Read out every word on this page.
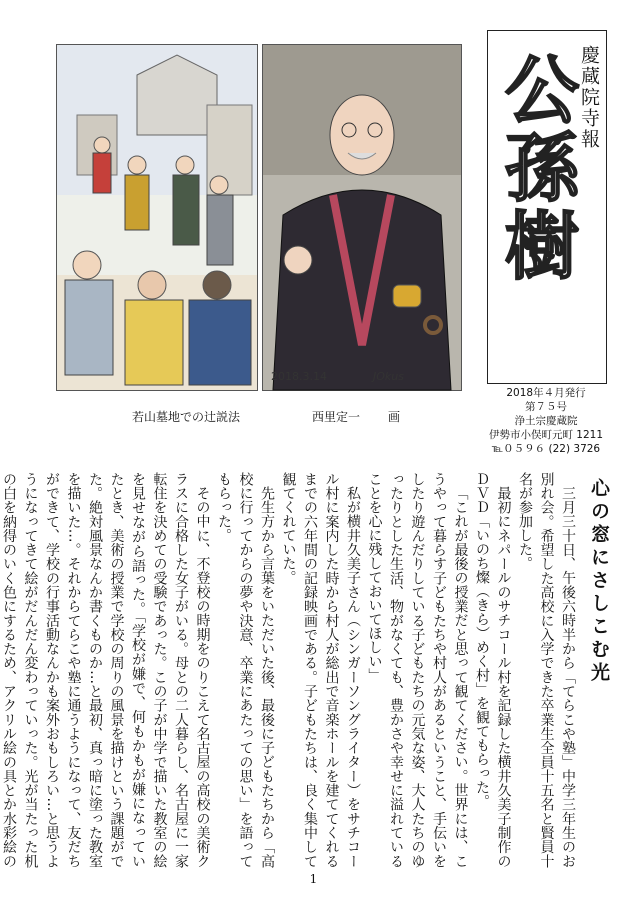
2018.3.14	JOkus
若山墓地での辻説法	西里定一 画
慶蔵院寺報
公孫樹
2018年４月発行
第７５号
浄土宗慶蔵院
伊勢市小俣町元町 1211
℡０５９６ (22) 3726
心の窓にさしこむ光

三月三十日、午後六時半から「てらこや塾」中学三年生のお別れ会。希望した高校に入学できた卒業生全員十五名と賢員十名が参加した。

最初にネパールのサチコール村を記録した横井久美子制作のＤＶＤ「いのち燦（きら）めく村」を観てもらった。

「これが最後の授業だと思って観てください。世界には、こうやって暮らす子どもたちや村人があるということ、手伝いをしたり遊んだりしている子どもたちの元気な姿、大人たちのゆったりとした生活、物がなくても、豊かさや幸せに溢れていることを心に残しておいてほしい」

私が横井久美子さん（シンガーソングライター）をサチコール村に案内した時から村人が総出で音楽ホールを建ててくれるまでの六年間の記録映画である。子どもたちは、良く集中して観てくれていた。

先生方から言葉をいただいた後、最後に子どもたちから「高校に行ってからの夢や決意、卒業にあたっての思い」を語ってもらった。

その中に、不登校の時期をのりこえて名古屋の高校の美術クラスに合格した女子がいる。母との二人暮らし、名古屋に一家転住を決めての受験であった。この子が中学で描いた教室の絵を見せながら語った。「学校が嫌で、何もかもが嫌になっていたとき、美術の授業で学校の周りの風景を描けという課題がでた。絶対風景なんか書くものか…と最初、真っ暗に塗った教室を描いた…。それからてらこや塾に通うようになって、友だちができて、学校の行事活動なんかも案外おもしろい…と思うようになってきて絵がだんだん変わっていった。光が当たった机の白を納得のいく色にするため、アクリル絵の具とか水彩絵の

1
